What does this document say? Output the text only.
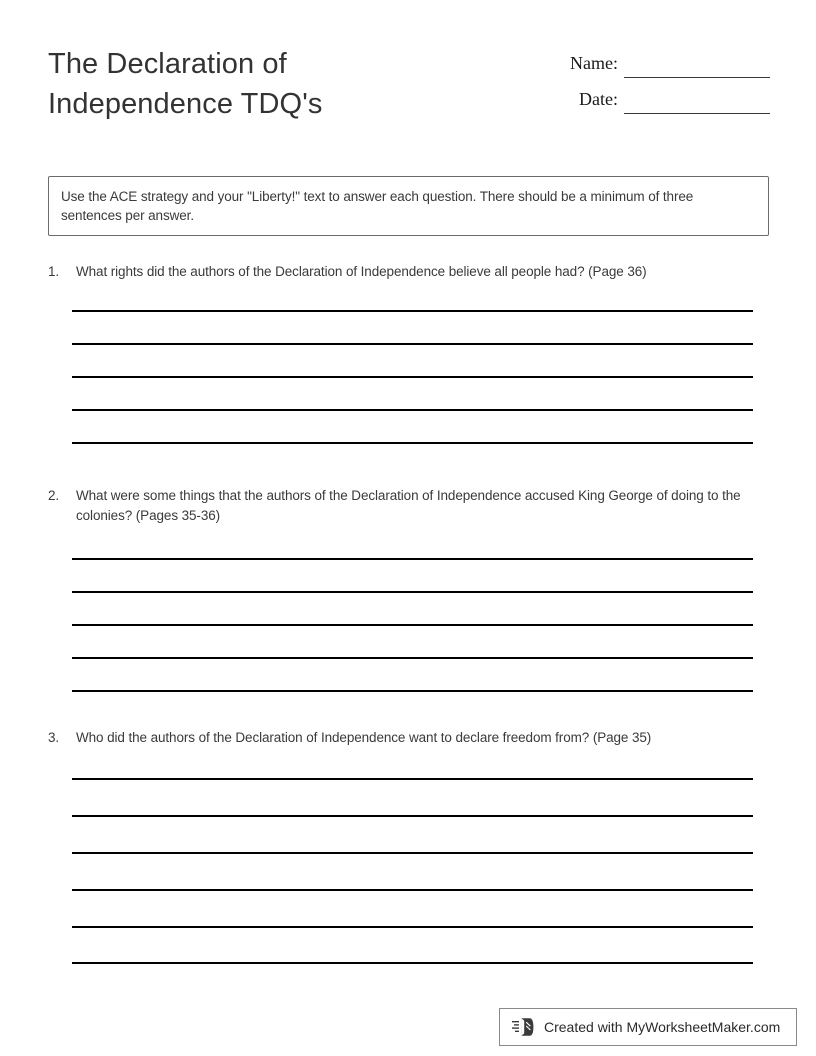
The Declaration of
Independence TDQ's
Name:
Date:
Use the ACE strategy and your "Liberty!" text to answer each question. There should be a minimum of three sentences per answer.
1.	What rights did the authors of the Declaration of Independence believe all people had? (Page 36)
2.	What were some things that the authors of the Declaration of Independence accused King George of doing to the colonies? (Pages 35-36)
3.	Who did the authors of the Declaration of Independence want to declare freedom from? (Page 35)
Created with MyWorksheetMaker.com
